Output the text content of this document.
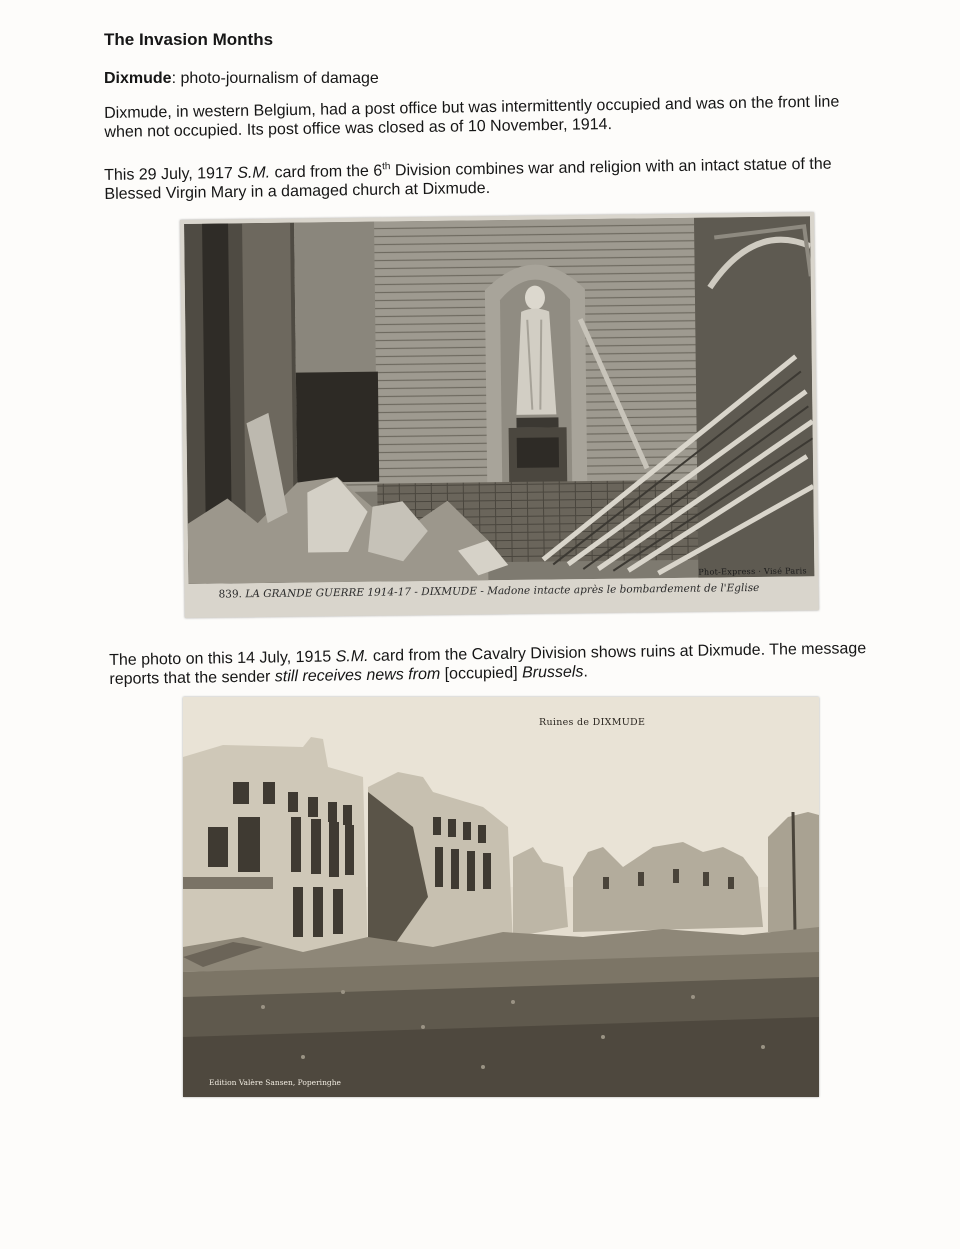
The Invasion Months

Dixmude: photo-journalism of damage

Dixmude, in western Belgium, had a post office but was intermittently occupied and was on the front line when not occupied. Its post office was closed as of 10 November, 1914.

This 29 July, 1917 S.M. card from the 6th Division combines war and religion with an intact statue of the Blessed Virgin Mary in a damaged church at Dixmude.

839. LA GRANDE GUERRE 1914-17 - DIXMUDE - Madone intacte après le bombardement de l'Eglise
Phot-Express · Visé Paris

The photo on this 14 July, 1915 S.M. card from the Cavalry Division shows ruins at Dixmude. The message reports that the sender still receives news from [occupied] Brussels.

Ruines de DIXMUDE
Edition Valère Sansen, Poperinghe
